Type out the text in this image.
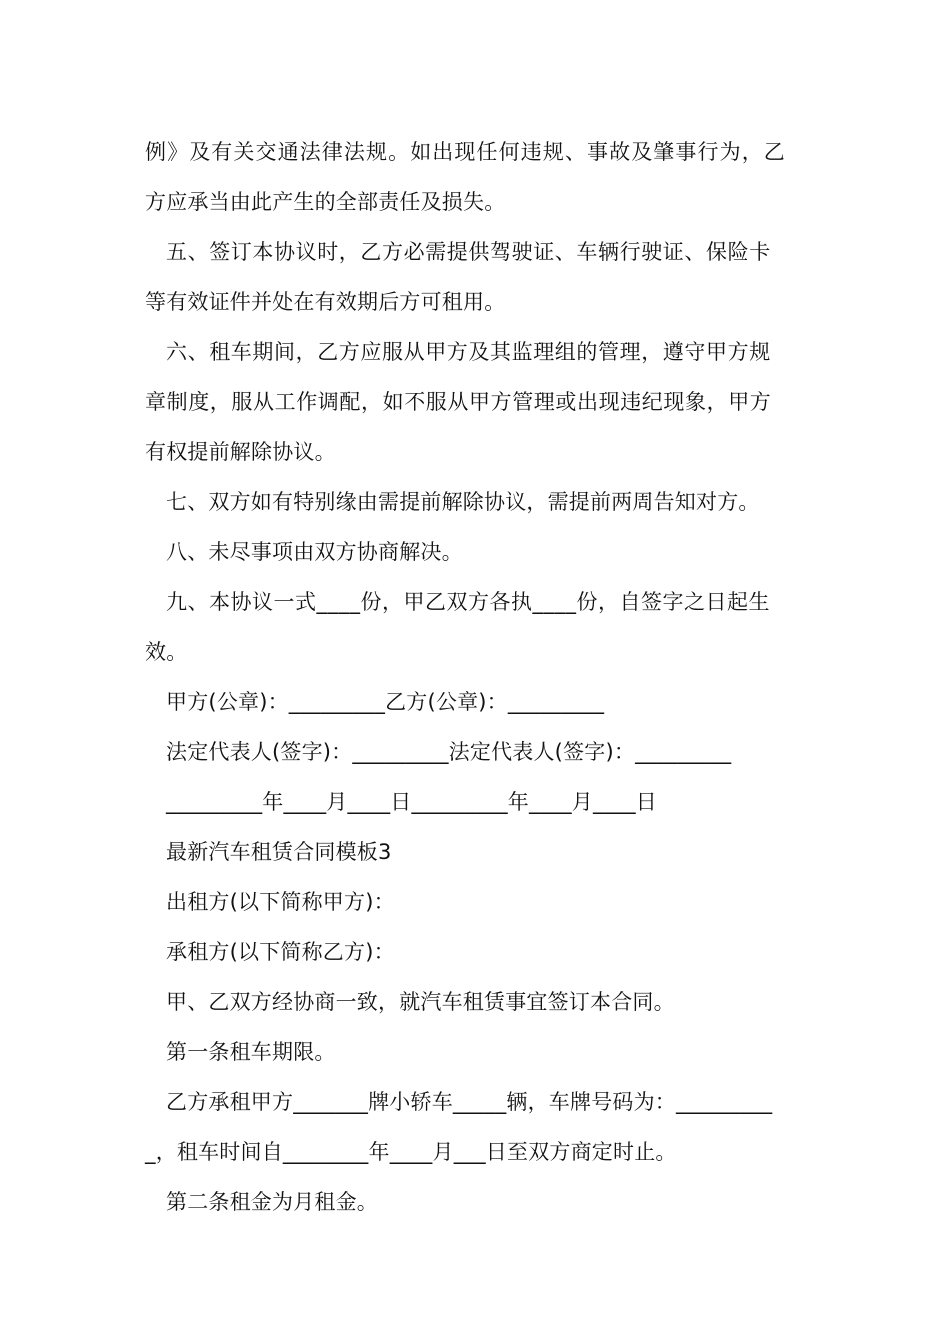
例》及有关交通法律法规。如出现任何违规、事故及肇事行为，乙
方应承当由此产生的全部责任及损失。
五、签订本协议时，乙方必需提供驾驶证、车辆行驶证、保险卡
等有效证件并处在有效期后方可租用。
六、租车期间，乙方应服从甲方及其监理组的管理，遵守甲方规
章制度，服从工作调配，如不服从甲方管理或出现违纪现象，甲方
有权提前解除协议。
七、双方如有特别缘由需提前解除协议，需提前两周告知对方。
八、未尽事项由双方协商解决。
九、本协议一式____份，甲乙双方各执____份，自签字之日起生
效。
甲方(公章)：_________乙方(公章)：_________
法定代表人(签字)：_________法定代表人(签字)：_________
_________年____月____日_________年____月____日
最新汽车租赁合同模板3
出租方(以下简称甲方)：
承租方(以下简称乙方)：
甲、乙双方经协商一致，就汽车租赁事宜签订本合同。
第一条租车期限。
乙方承租甲方_______牌小轿车_____辆，车牌号码为：_________
_，租车时间自________年____月___日至双方商定时止。
第二条租金为月租金。
